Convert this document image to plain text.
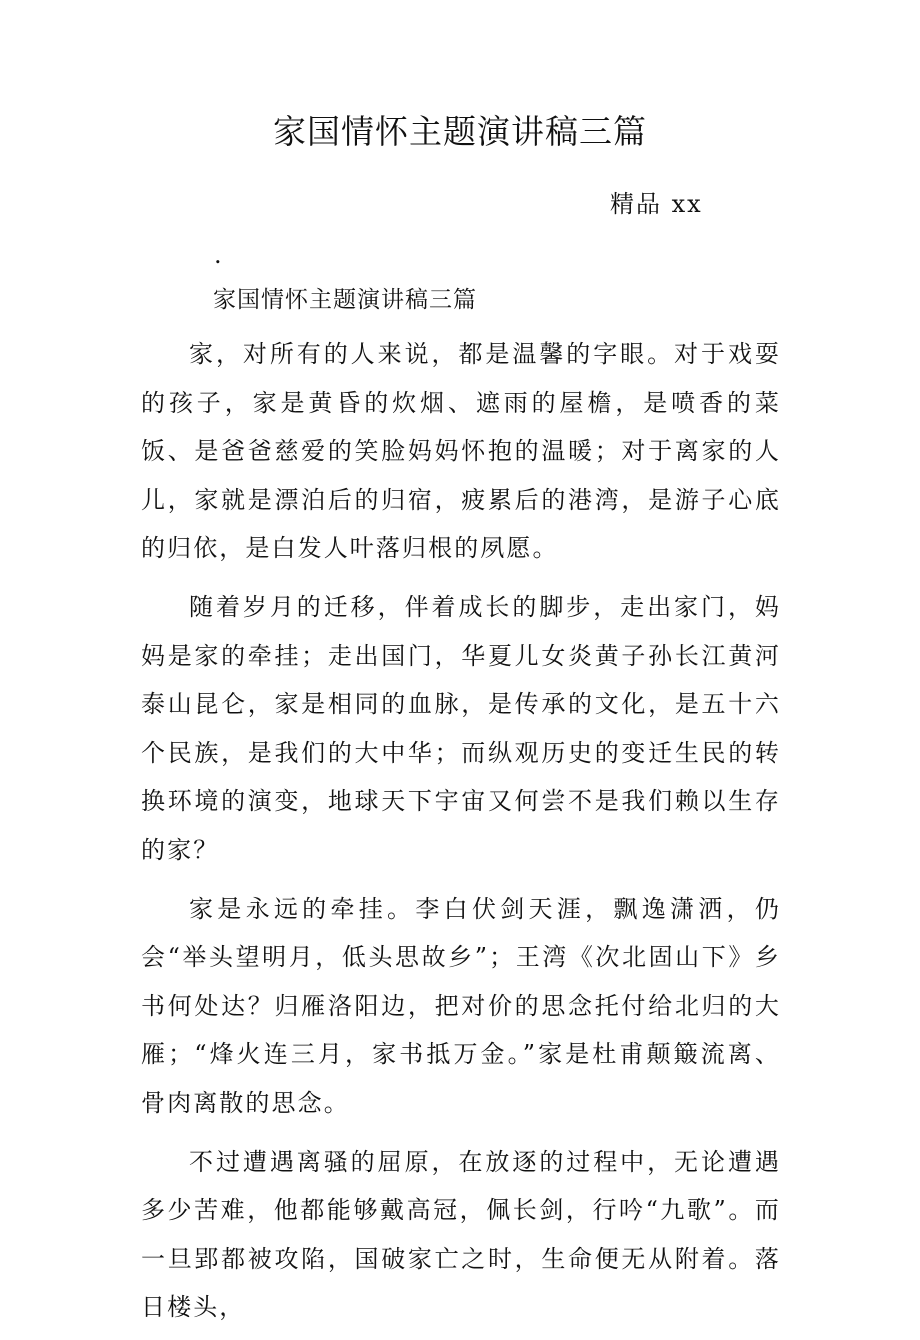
家国情怀主题演讲稿三篇
精品 xx
.

家国情怀主题演讲稿三篇

家，对所有的人来说，都是温馨的字眼。对于戏耍的孩子，家是黄昏的炊烟、遮雨的屋檐，是喷香的菜饭、是爸爸慈爱的笑脸妈妈怀抱的温暖；对于离家的人儿，家就是漂泊后的归宿，疲累后的港湾，是游子心底的归依，是白发人叶落归根的夙愿。

随着岁月的迁移，伴着成长的脚步，走出家门，妈妈是家的牵挂；走出国门，华夏儿女炎黄子孙长江黄河泰山昆仑，家是相同的血脉，是传承的文化，是五十六个民族，是我们的大中华；而纵观历史的变迁生民的转换环境的演变，地球天下宇宙又何尝不是我们赖以生存的家？

家是永远的牵挂。李白伏剑天涯，飘逸潇洒，仍会“举头望明月，低头思故乡”；王湾《次北固山下》乡书何处达？归雁洛阳边，把对价的思念托付给北归的大雁；“烽火连三月，家书抵万金。”家是杜甫颠簸流离、骨肉离散的思念。

不过遭遇离骚的屈原，在放逐的过程中，无论遭遇多少苦难，他都能够戴高冠，佩长剑，行吟“九歌”。而一旦郢都被攻陷，国破家亡之时，生命便无从附着。落日楼头，
